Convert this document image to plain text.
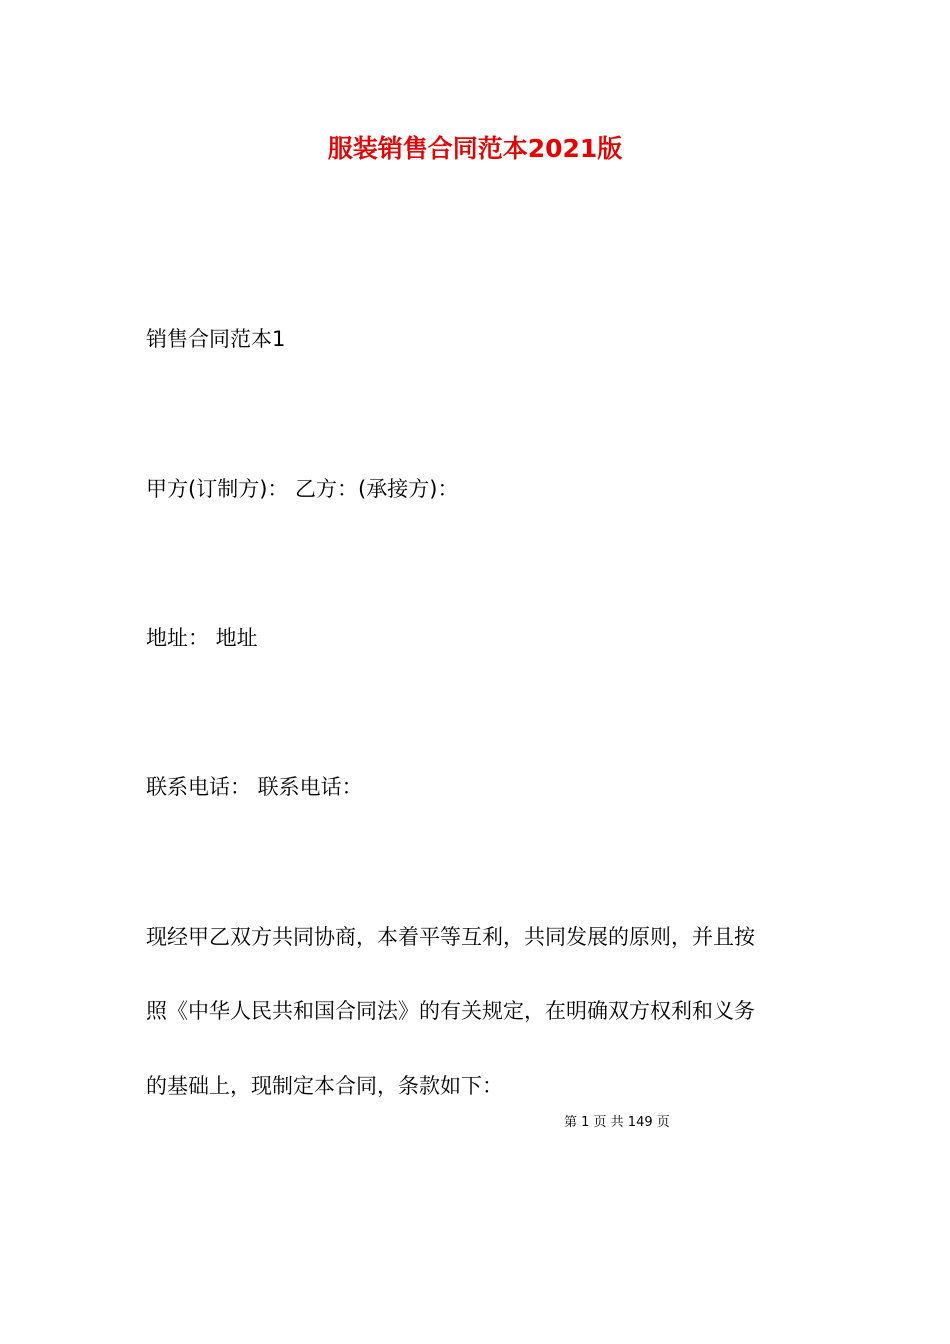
服装销售合同范本2021版
销售合同范本1
甲方(订制方)： 乙方：(承接方)：
地址： 地址
联系电话： 联系电话：
现经甲乙双方共同协商，本着平等互利，共同发展的原则，并且按
照《中华人民共和国合同法》的有关规定，在明确双方权利和义务
的基础上，现制定本合同，条款如下：
第 1 页 共 149 页
